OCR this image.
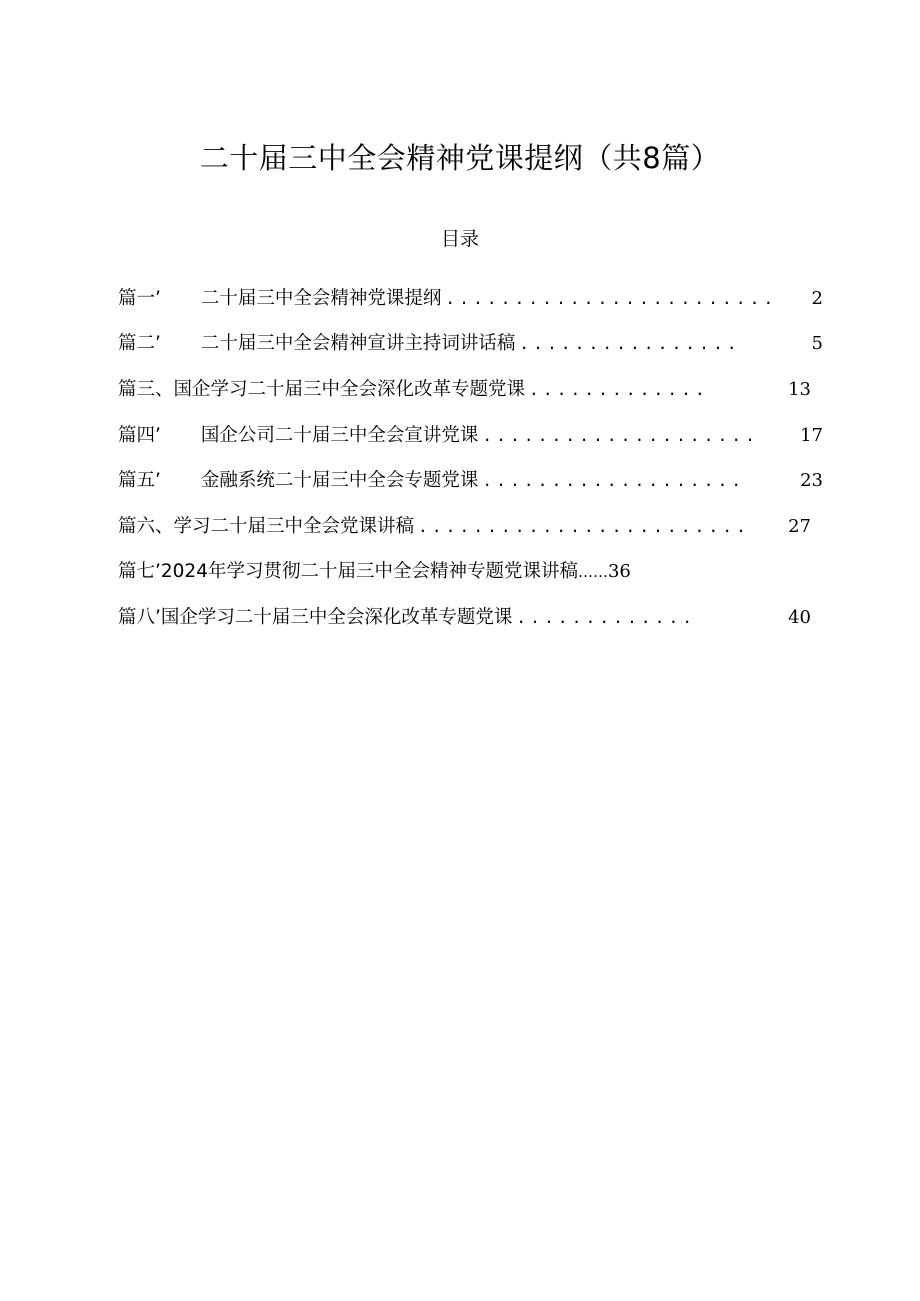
二十届三中全会精神党课提纲（共8篇）
目录
篇一’ 二十届三中全会精神党课提纲 ........................	2
篇二’ 二十届三中全会精神宣讲主持词讲话稿 ................	5
篇三、 国企学习二十届三中全会深化改革专题党课 .............	13
篇四’ 国企公司二十届三中全会宣讲党课 ....................	17
篇五’ 金融系统二十届三中全会专题党课 ...................	23
篇六、 学习二十届三中全会党课讲稿 ........................	27
篇七’ 2024年学习贯彻二十届三中全会精神专题党课讲稿 …… 36
篇八’ 国企学习二十届三中全会深化改革专题党课 .............	40
